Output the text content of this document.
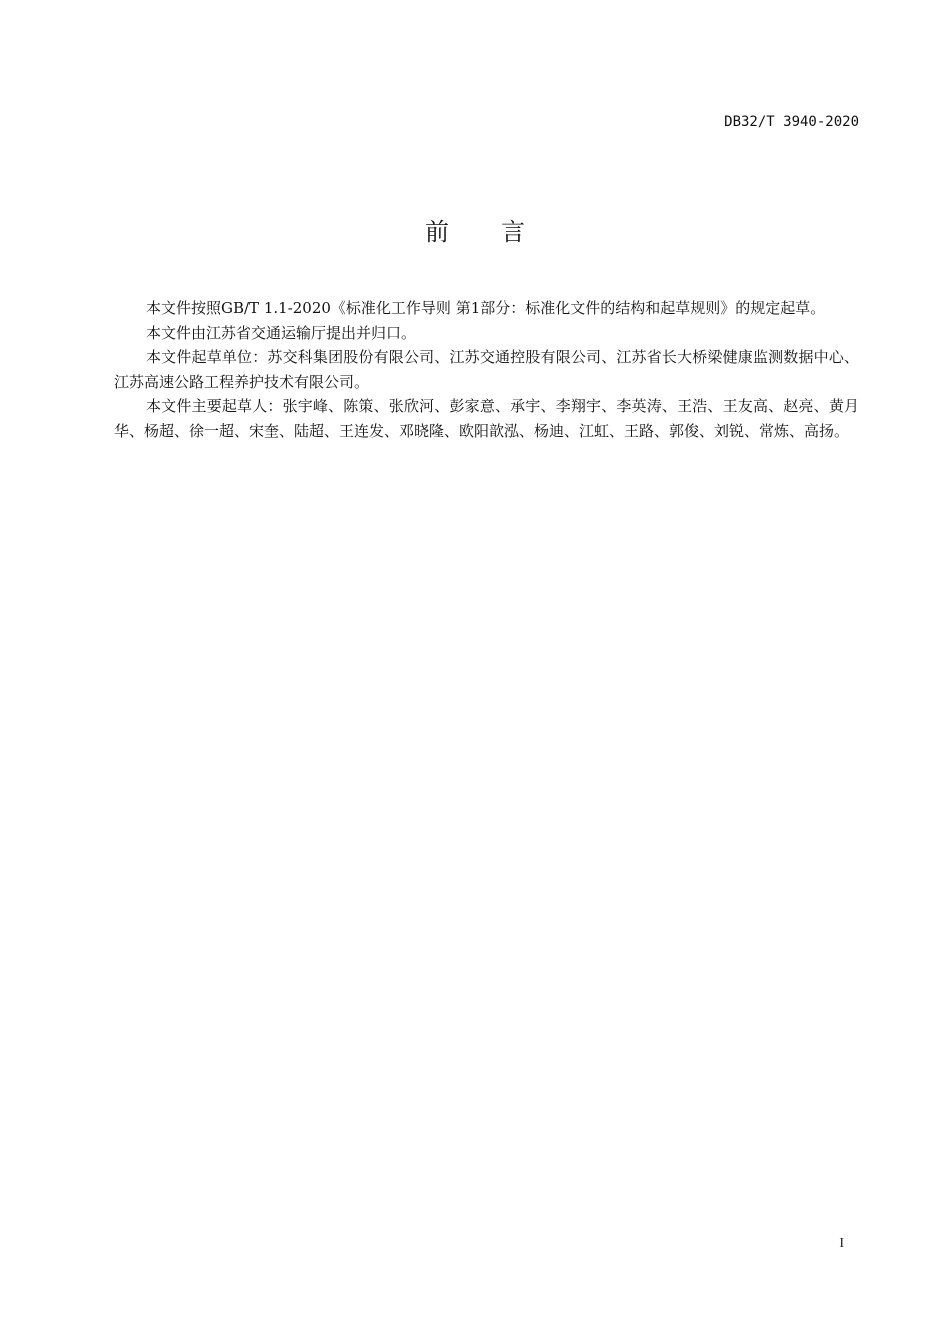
DB32/T 3940-2020
前言

本文件按照GB/T 1.1-2020《标准化工作导则 第1部分：标准化文件的结构和起草规则》的规定起草。

本文件由江苏省交通运输厅提出并归口。

本文件起草单位：苏交科集团股份有限公司、江苏交通控股有限公司、江苏省长大桥梁健康监测数据中心、江苏高速公路工程养护技术有限公司。

本文件主要起草人：张宇峰、陈策、张欣河、彭家意、承宇、李翔宇、李英涛、王浩、王友高、赵亮、黄月华、杨超、徐一超、宋奎、陆超、王连发、邓晓隆、欧阳歆泓、杨迪、江虹、王路、郭俊、刘锐、常炼、高扬。

I
